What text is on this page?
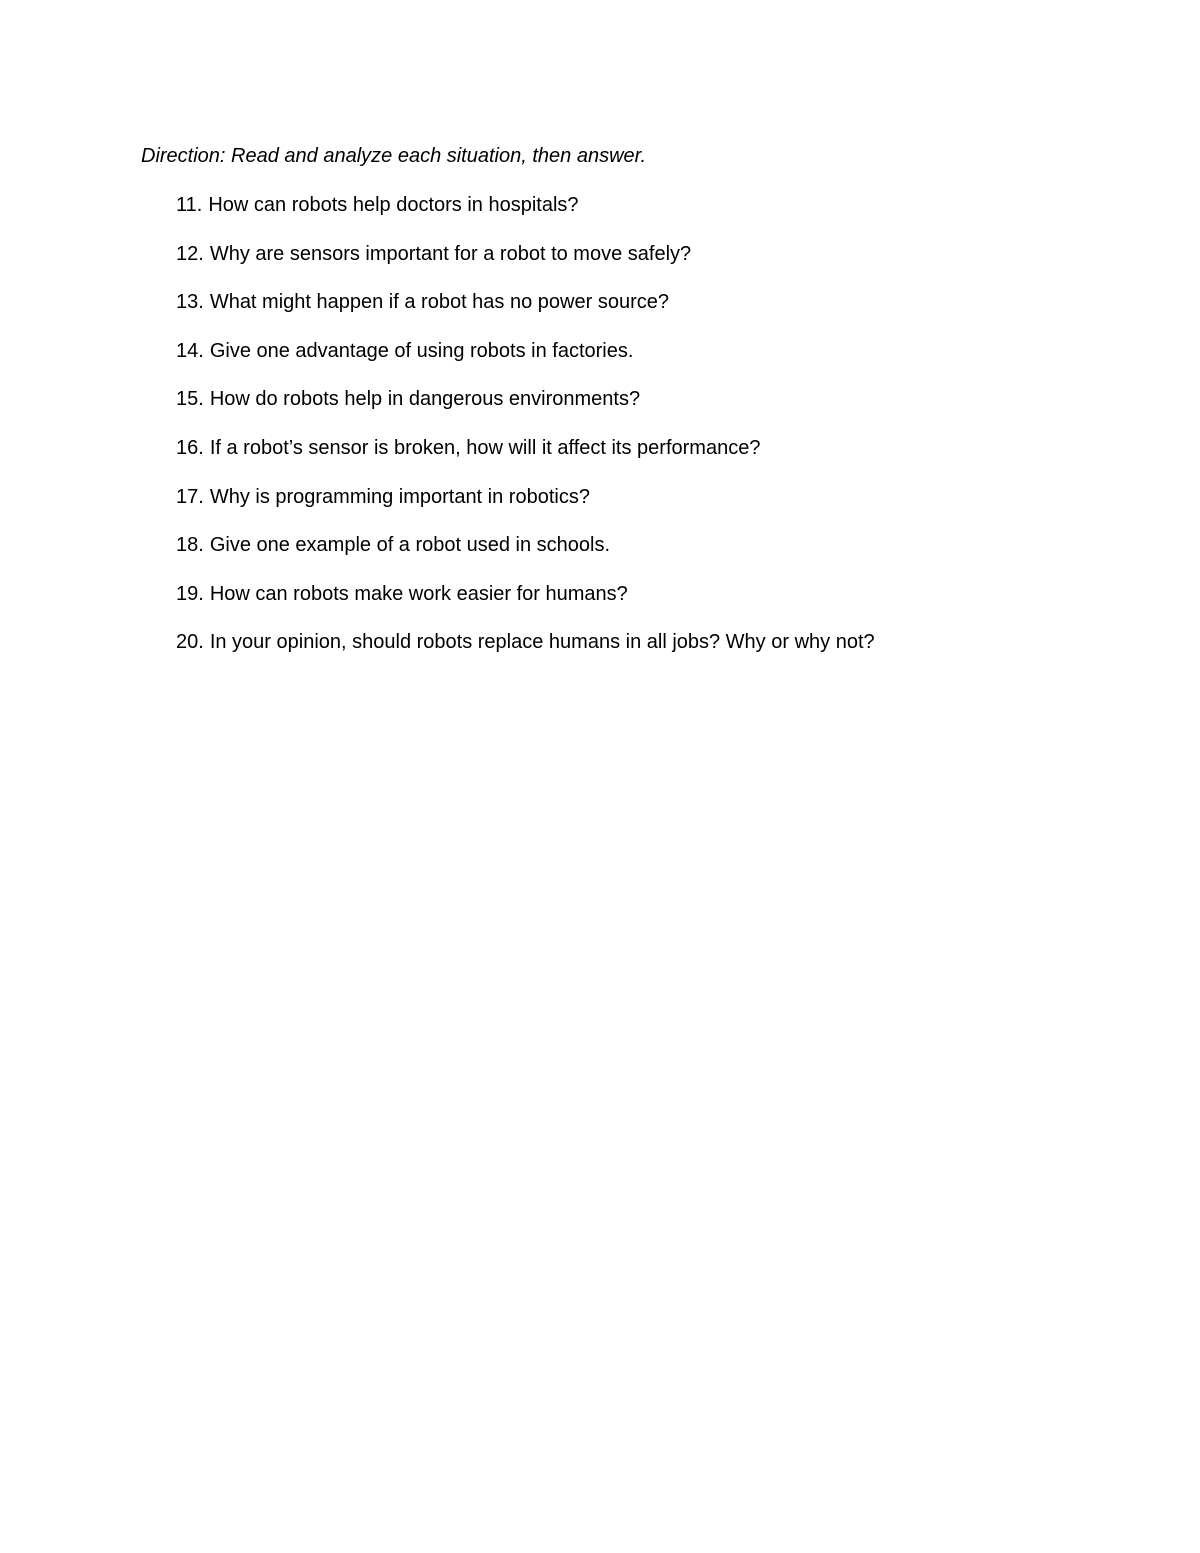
Direction: Read and analyze each situation, then answer.
11. How can robots help doctors in hospitals?
12. Why are sensors important for a robot to move safely?
13. What might happen if a robot has no power source?
14. Give one advantage of using robots in factories.
15. How do robots help in dangerous environments?
16. If a robot’s sensor is broken, how will it affect its performance?
17. Why is programming important in robotics?
18. Give one example of a robot used in schools.
19. How can robots make work easier for humans?
20. In your opinion, should robots replace humans in all jobs? Why or why not?
